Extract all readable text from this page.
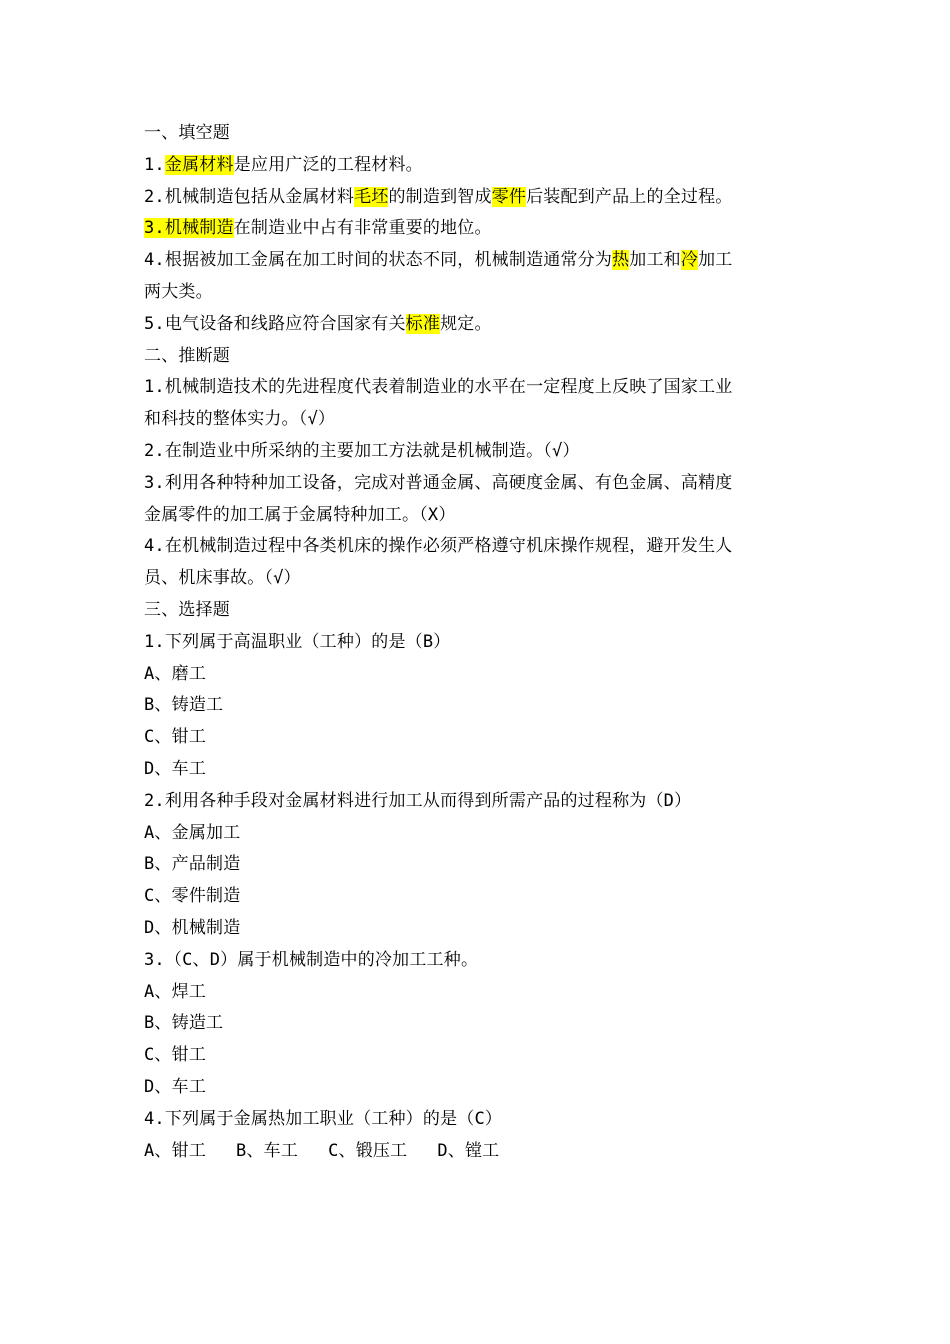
一、填空题
1.金属材料是应用广泛的工程材料。
2.机械制造包括从金属材料毛坯的制造到智成零件后装配到产品上的全过程。
3.机械制造在制造业中占有非常重要的地位。
4.根据被加工金属在加工时间的状态不同，机械制造通常分为热加工和冷加工
两大类。
5.电气设备和线路应符合国家有关标准规定。
二、推断题
1.机械制造技术的先进程度代表着制造业的水平在一定程度上反映了国家工业
和科技的整体实力。（√）
2.在制造业中所采纳的主要加工方法就是机械制造。（√）
3.利用各种特种加工设备，完成对普通金属、高硬度金属、有色金属、高精度
金属零件的加工属于金属特种加工。（X）
4.在机械制造过程中各类机床的操作必须严格遵守机床操作规程，避开发生人
员、机床事故。（√）
三、选择题
1.下列属于高温职业（工种）的是（B）
A、磨工
B、铸造工
C、钳工
D、车工
2.利用各种手段对金属材料进行加工从而得到所需产品的过程称为（D）
A、金属加工
B、产品制造
C、零件制造
D、机械制造
3.（C、D）属于机械制造中的冷加工工种。
A、焊工
B、铸造工
C、钳工
D、车工
4.下列属于金属热加工职业（工种）的是（C）
A、钳工 B、车工 C、锻压工 D、镗工
